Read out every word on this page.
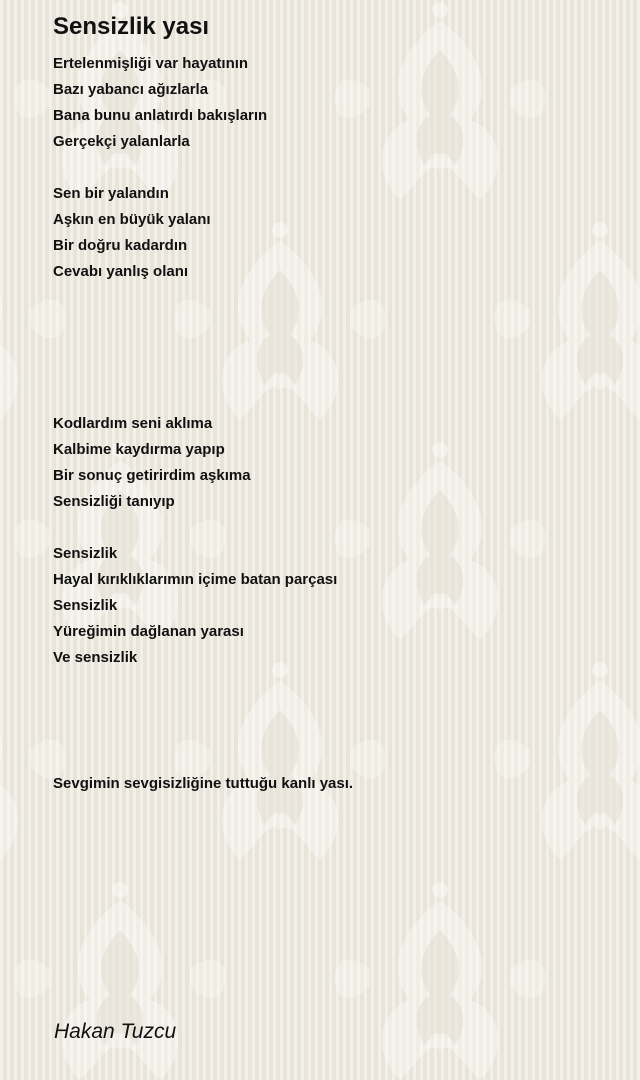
Sensizlik yası
Ertelenmişliği var hayatının
Bazı yabancı ağızlarla
Bana bunu anlatırdı bakışların
Gerçekçi yalanlarla
Sen bir yalandın
Aşkın en büyük yalanı
Bir doğru kadardın
Cevabı yanlış olanı
Kodlardım seni aklıma
Kalbime kaydırma yapıp
Bir sonuç getirirdim aşkıma
Sensizliği tanıyıp
Sensizlik
Hayal kırıklıklarımın içime batan parçası
Sensizlik
Yüreğimin dağlanan yarası
Ve sensizlik
Sevgimin sevgisizliğine tuttuğu kanlı yası.

Hakan Tuzcu
